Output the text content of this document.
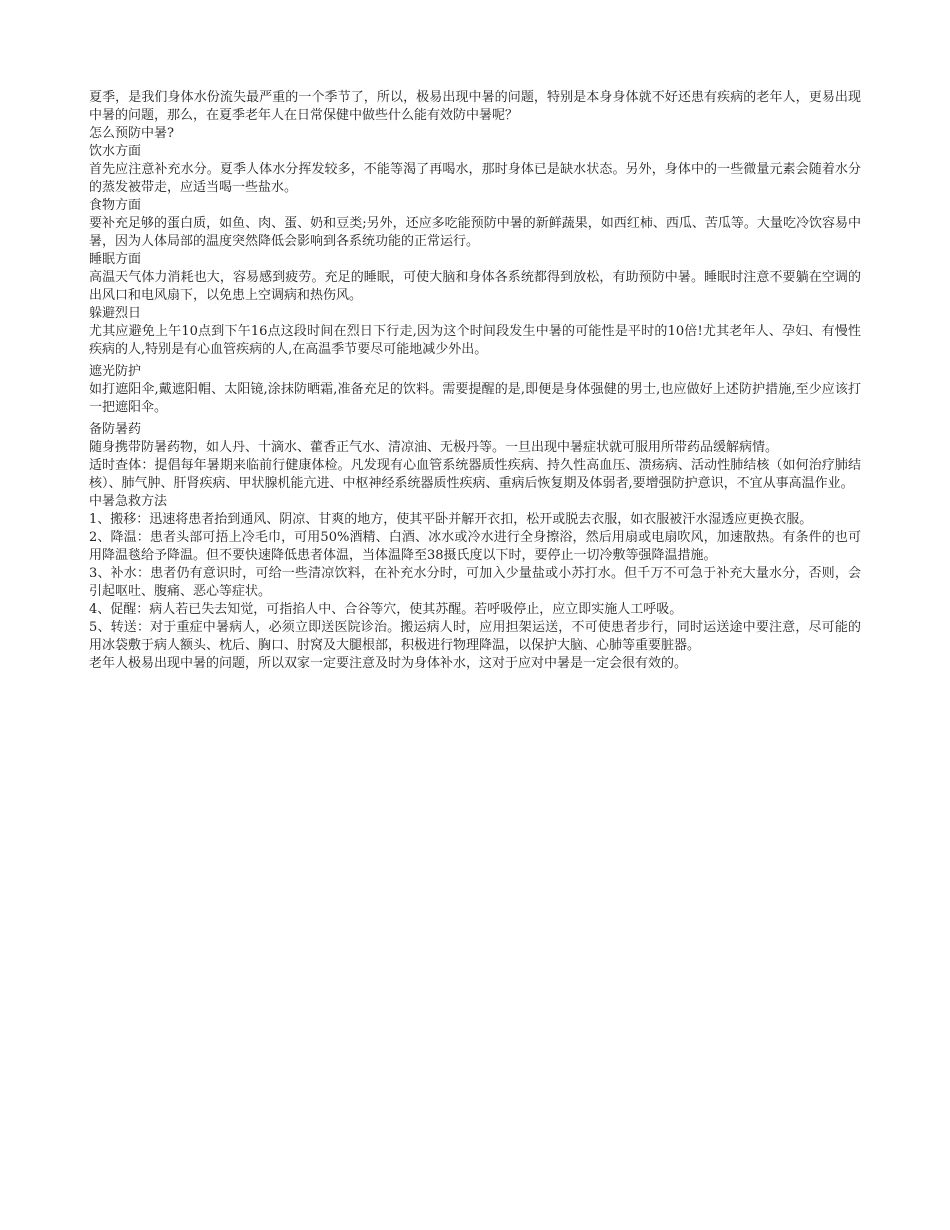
夏季，是我们身体水份流失最严重的一个季节了，所以，极易出现中暑的问题，特别是本身身体就不好还患有疾病的老年人，更易出现中暑的问题，那么，在夏季老年人在日常保健中做些什么能有效防中暑呢？

怎么预防中暑?

饮水方面

首先应注意补充水分。夏季人体水分挥发较多，不能等渴了再喝水，那时身体已是缺水状态。另外，身体中的一些微量元素会随着水分的蒸发被带走，应适当喝一些盐水。

食物方面

要补充足够的蛋白质，如鱼、肉、蛋、奶和豆类;另外，还应多吃能预防中暑的新鲜蔬果，如西红柿、西瓜、苦瓜等。大量吃冷饮容易中暑，因为人体局部的温度突然降低会影响到各系统功能的正常运行。

睡眠方面

高温天气体力消耗也大，容易感到疲劳。充足的睡眠，可使大脑和身体各系统都得到放松，有助预防中暑。睡眠时注意不要躺在空调的出风口和电风扇下，以免患上空调病和热伤风。

躲避烈日

尤其应避免上午10点到下午16点这段时间在烈日下行走,因为这个时间段发生中暑的可能性是平时的10倍!尤其老年人、孕妇、有慢性疾病的人,特别是有心血管疾病的人,在高温季节要尽可能地减少外出。

遮光防护

如打遮阳伞,戴遮阳帽、太阳镜,涂抹防晒霜,准备充足的饮料。需要提醒的是,即便是身体强健的男士,也应做好上述防护措施,至少应该打一把遮阳伞。

备防暑药

随身携带防暑药物，如人丹、十滴水、藿香正气水、清凉油、无极丹等。一旦出现中暑症状就可服用所带药品缓解病情。

适时查体：提倡每年暑期来临前行健康体检。凡发现有心血管系统器质性疾病、持久性高血压、溃疡病、活动性肺结核（如何治疗肺结核）、肺气肿、肝肾疾病、甲状腺机能亢进、中枢神经系统器质性疾病、重病后恢复期及体弱者,要增强防护意识，不宜从事高温作业。

中暑急救方法

1、搬移：迅速将患者抬到通风、阴凉、甘爽的地方，使其平卧并解开衣扣，松开或脱去衣服，如衣服被汗水湿透应更换衣服。

2、降温：患者头部可捂上冷毛巾，可用50%酒精、白酒、冰水或冷水进行全身擦浴，然后用扇或电扇吹风，加速散热。有条件的也可用降温毯给予降温。但不要快速降低患者体温，当体温降至38摄氏度以下时，要停止一切冷敷等强降温措施。

3、补水：患者仍有意识时，可给一些清凉饮料，在补充水分时，可加入少量盐或小苏打水。但千万不可急于补充大量水分，否则，会引起呕吐、腹痛、恶心等症状。

4、促醒：病人若已失去知觉，可指掐人中、合谷等穴，使其苏醒。若呼吸停止，应立即实施人工呼吸。

5、转送：对于重症中暑病人，必须立即送医院诊治。搬运病人时，应用担架运送，不可使患者步行，同时运送途中要注意，尽可能的用冰袋敷于病人额头、枕后、胸口、肘窝及大腿根部，积极进行物理降温，以保护大脑、心肺等重要脏器。

老年人极易出现中暑的问题，所以双家一定要注意及时为身体补水，这对于应对中暑是一定会很有效的。
